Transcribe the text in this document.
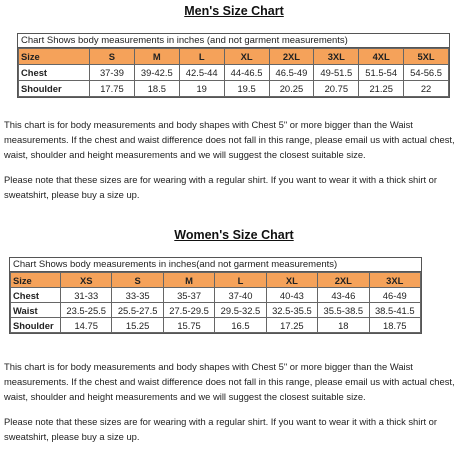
Men's Size Chart
Chart Shows body measurements in inches (and not garment measurements)
Size	S	M	L	XL	2XL	3XL	4XL	5XL
Chest	37-39	39-42.5	42.5-44	44-46.5	46.5-49	49-51.5	51.5-54	54-56.5
Shoulder	17.75	18.5	19	19.5	20.25	20.75	21.25	22
This chart is for body measurements and body shapes with Chest 5" or more bigger than the Waist measurements. If the chest and waist difference does not fall in this range, please email us with actual chest, waist, shoulder and height measurements and we will suggest the closest suitable size.
Please note that these sizes are for wearing with a regular shirt. If you want to wear it with a thick shirt or sweatshirt, please buy a size up.
Women's Size Chart
Chart Shows body measurements in inches(and not garment measurements)
Size	XS	S	M	L	XL	2XL	3XL
Chest	31-33	33-35	35-37	37-40	40-43	43-46	46-49
Waist	23.5-25.5	25.5-27.5	27.5-29.5	29.5-32.5	32.5-35.5	35.5-38.5	38.5-41.5
Shoulder	14.75	15.25	15.75	16.5	17.25	18	18.75
This chart is for body measurements and body shapes with Chest 5" or more bigger than the Waist measurements. If the chest and waist difference does not fall in this range, please email us with actual chest, waist, shoulder and height measurements and we will suggest the closest suitable size.
Please note that these sizes are for wearing with a regular shirt. If you want to wear it with a thick shirt or sweatshirt, please buy a size up.
